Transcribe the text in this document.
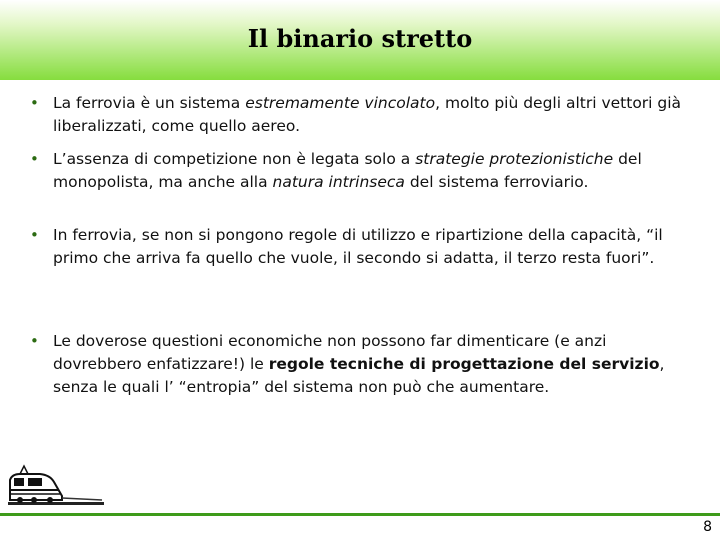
Il binario stretto
• La ferrovia è un sistema estremamente vincolato, molto più degli altri vettori già liberalizzati, come quello aereo.
• L’assenza di competizione non è legata solo a strategie protezionistiche del monopolista, ma anche alla natura intrinseca del sistema ferroviario.
• In ferrovia, se non si pongono regole di utilizzo e ripartizione della capacità, “il primo che arriva fa quello che vuole, il secondo si adatta, il terzo resta fuori”.
• Le doverose questioni economiche non possono far dimenticare (e anzi dovrebbero enfatizzare!) le regole tecniche di progettazione del servizio, senza le quali l’ “entropia” del sistema non può che aumentare.
8
